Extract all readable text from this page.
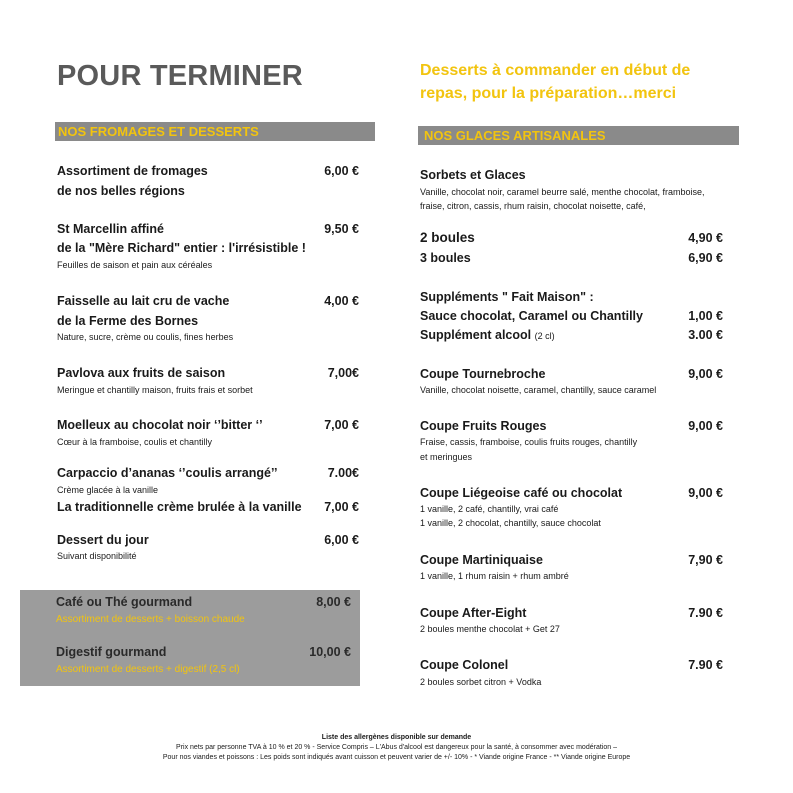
POUR TERMINER	Desserts à commander en début de repas, pour la préparation…merci
NOS FROMAGES ET DESSERTS
Assortiment de fromages
de nos belles régions
6,00 €
St Marcellin affiné
de la "Mère Richard" entier : l'irrésistible !
Feuilles de saison et pain aux céréales
9,50 €
Faisselle au lait cru de vache
de la Ferme des Bornes
Nature, sucre, crème ou coulis, fines herbes
4,00 €
Pavlova aux fruits de saison
Meringue et chantilly maison, fruits frais et sorbet
7,00€
Moelleux au chocolat noir ‘’bitter ‘’
Cœur à la framboise, coulis et chantilly
7,00 €
Carpaccio d’ananas ‘’coulis arrangé’’
Crème glacée à la vanille
7.00€
La traditionnelle crème brulée à la vanille	7,00 €
Dessert du jour
Suivant disponibilité
6,00 €
Café ou Thé gourmand
Assortiment de desserts + boisson chaude
8,00 €
Digestif gourmand
Assortiment de desserts + digestif (2,5 cl)
10,00 €
NOS GLACES ARTISANALES
Sorbets et Glaces
Vanille, chocolat noir, caramel beurre salé, menthe chocolat, framboise,
fraise, citron, cassis, rhum raisin, chocolat noisette, café,
2 boules	4,90 €
3 boules	6,90 €
Suppléments " Fait Maison" :
Sauce chocolat, Caramel ou Chantilly	1,00 €
Supplément alcool (2 cl)	3.00 €
Coupe Tournebroche
Vanille, chocolat noisette, caramel, chantilly, sauce caramel
9,00 €
Coupe Fruits Rouges
Fraise, cassis, framboise, coulis fruits rouges, chantilly
et meringues
9,00 €
Coupe Liégeoise café ou chocolat
1 vanille, 2 café, chantilly, vrai café
1 vanille, 2 chocolat, chantilly, sauce chocolat
9,00 €
Coupe Martiniquaise
1 vanille, 1 rhum raisin + rhum ambré
7,90 €
Coupe After-Eight
2 boules menthe chocolat + Get 27
7.90 €
Coupe Colonel
2 boules sorbet citron + Vodka
7.90 €
Liste des allergènes disponible sur demande
Prix nets par personne TVA à 10 % et 20 % - Service Compris – L'Abus d'alcool est dangereux pour la santé, à consommer avec modération –
Pour nos viandes et poissons : Les poids sont indiqués avant cuisson et peuvent varier de +/- 10% - * Viande origine France - ** Viande origine Europe
